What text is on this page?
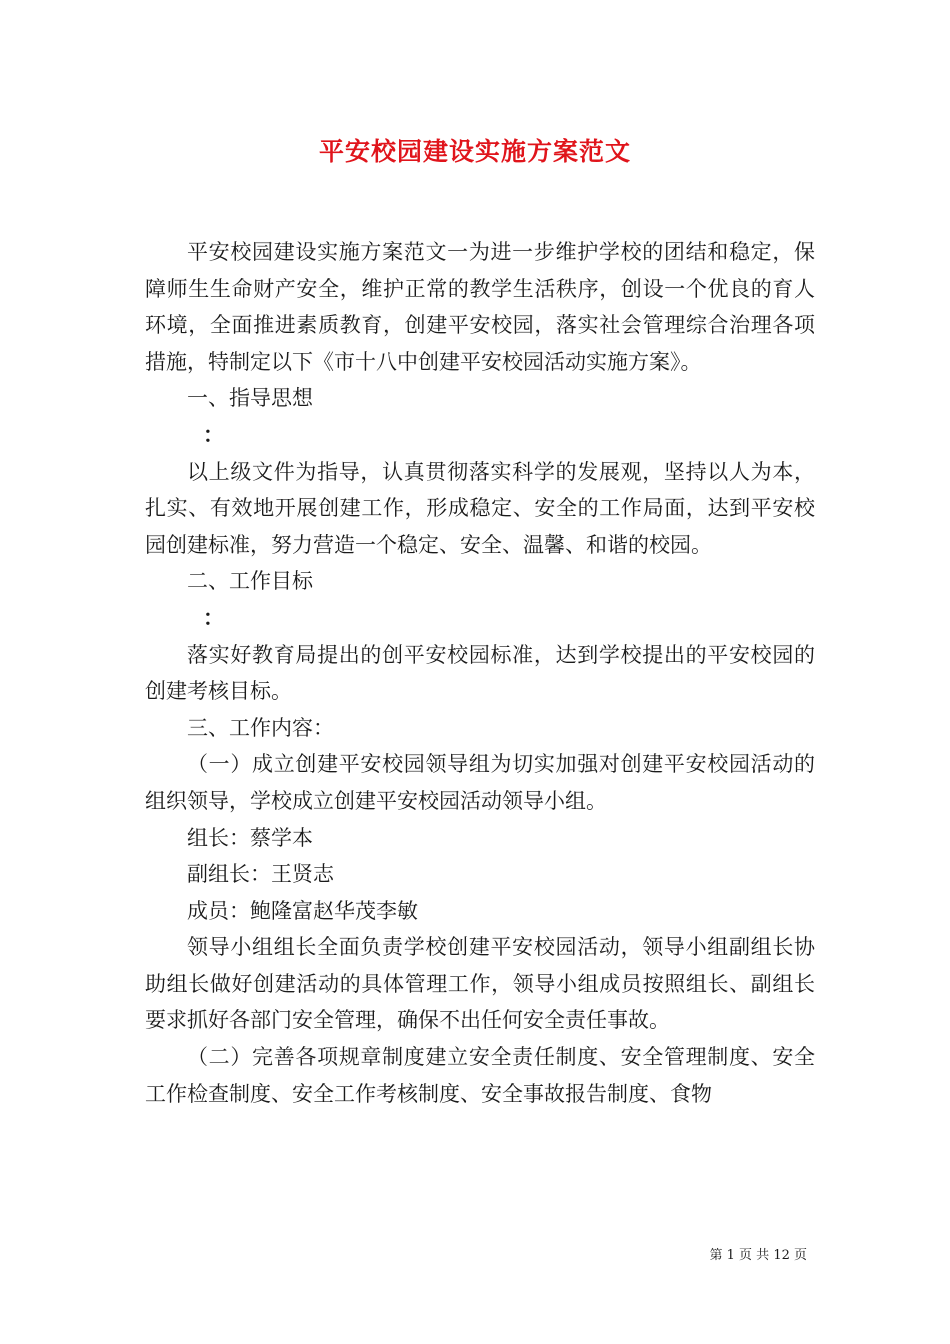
平安校园建设实施方案范文

平安校园建设实施方案范文一为进一步维护学校的团结和稳定，保障师生生命财产安全，维护正常的教学生活秩序，创设一个优良的育人环境，全面推进素质教育，创建平安校园，落实社会管理综合治理各项措施，特制定以下《市十八中创建平安校园活动实施方案》。

一、指导思想

：

以上级文件为指导，认真贯彻落实科学的发展观，坚持以人为本，扎实、有效地开展创建工作，形成稳定、安全的工作局面，达到平安校园创建标准，努力营造一个稳定、安全、温馨、和谐的校园。

二、工作目标

：

落实好教育局提出的创平安校园标准，达到学校提出的平安校园的创建考核目标。

三、工作内容：

（一）成立创建平安校园领导组为切实加强对创建平安校园活动的组织领导，学校成立创建平安校园活动领导小组。

组长：蔡学本

副组长：王贤志

成员：鲍隆富赵华茂李敏

领导小组组长全面负责学校创建平安校园活动，领导小组副组长协助组长做好创建活动的具体管理工作，领导小组成员按照组长、副组长要求抓好各部门安全管理，确保不出任何安全责任事故。

（二）完善各项规章制度建立安全责任制度、安全管理制度、安全工作检查制度、安全工作考核制度、安全事故报告制度、食物

第 1 页 共 12 页
